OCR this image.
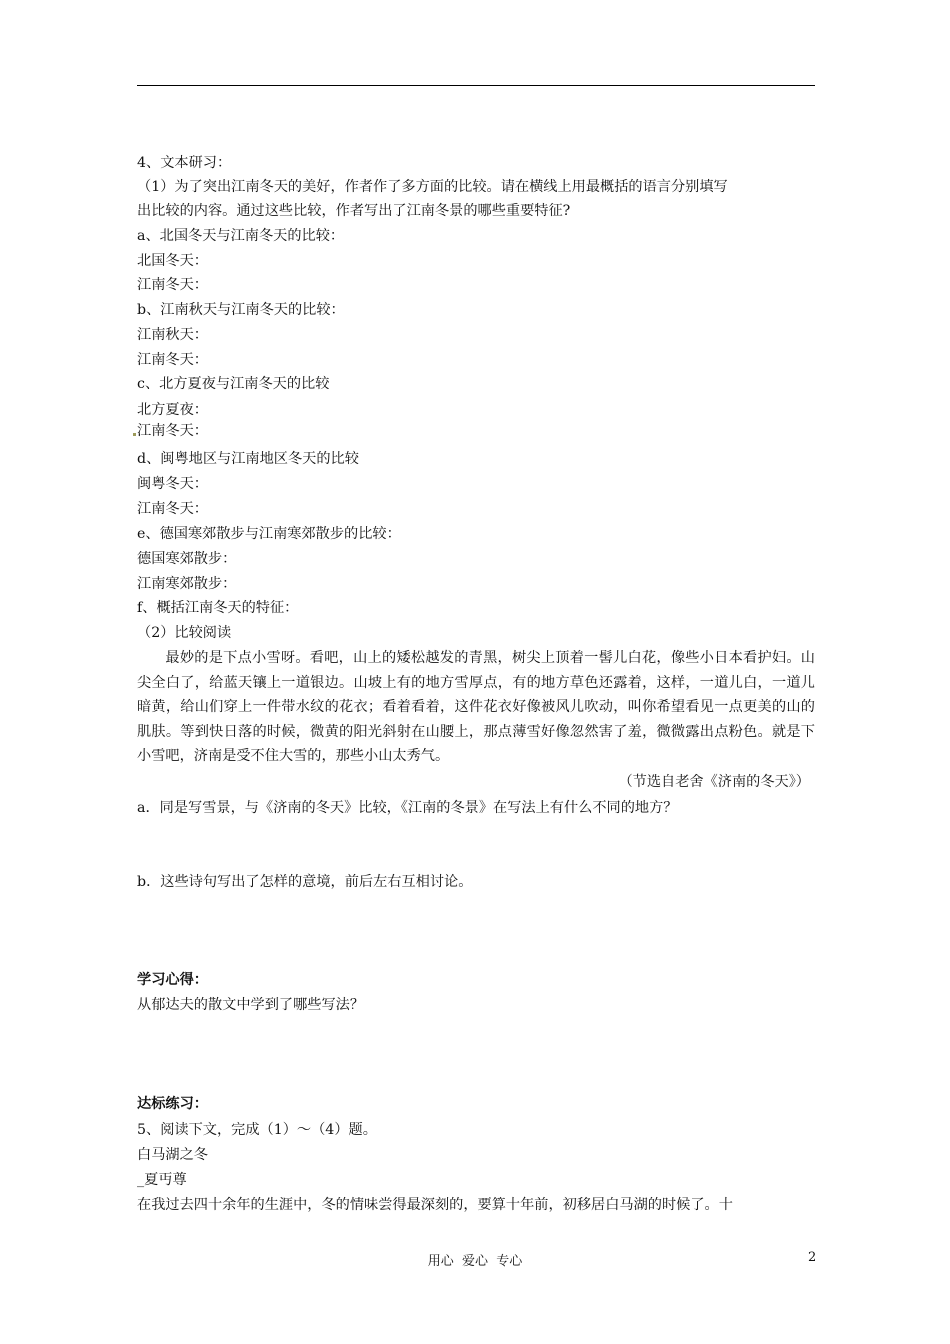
4、文本研习：
（1）为了突出江南冬天的美好，作者作了多方面的比较。请在横线上用最概括的语言分别填写
出比较的内容。通过这些比较，作者写出了江南冬景的哪些重要特征?
a、北国冬天与江南冬天的比较：
北国冬天：
江南冬天：
b、江南秋天与江南冬天的比较：
江南秋天：
江南冬天：
c、北方夏夜与江南冬天的比较
北方夏夜：
江南冬天：
d、闽粤地区与江南地区冬天的比较
闽粤冬天：
江南冬天：
e、德国寒郊散步与江南寒郊散步的比较：
德国寒郊散步：
江南寒郊散步：
f、概括江南冬天的特征：
（2）比较阅读
最妙的是下点小雪呀。看吧，山上的矮松越发的青黑，树尖上顶着一髻儿白花，像些小日本看护妇。山尖全白了，给蓝天镶上一道银边。山坡上有的地方雪厚点，有的地方草色还露着，这样，一道儿白，一道儿暗黄，给山们穿上一件带水纹的花衣；看着看着，这件花衣好像被风儿吹动，叫你希望看见一点更美的山的肌肤。等到快日落的时候，微黄的阳光斜射在山腰上，那点薄雪好像忽然害了羞，微微露出点粉色。就是下小雪吧，济南是受不住大雪的，那些小山太秀气。
（节选自老舍《济南的冬天》）
a．同是写雪景，与《济南的冬天》比较，《江南的冬景》在写法上有什么不同的地方？
b．这些诗句写出了怎样的意境，前后左右互相讨论。
学习心得：
从郁达夫的散文中学到了哪些写法？
达标练习：
5、阅读下文，完成（1）～（4）题。
白马湖之冬
_夏丏尊
在我过去四十余年的生涯中，冬的情味尝得最深刻的，要算十年前，初移居白马湖的时候了。十
用心  爱心  专心	2
